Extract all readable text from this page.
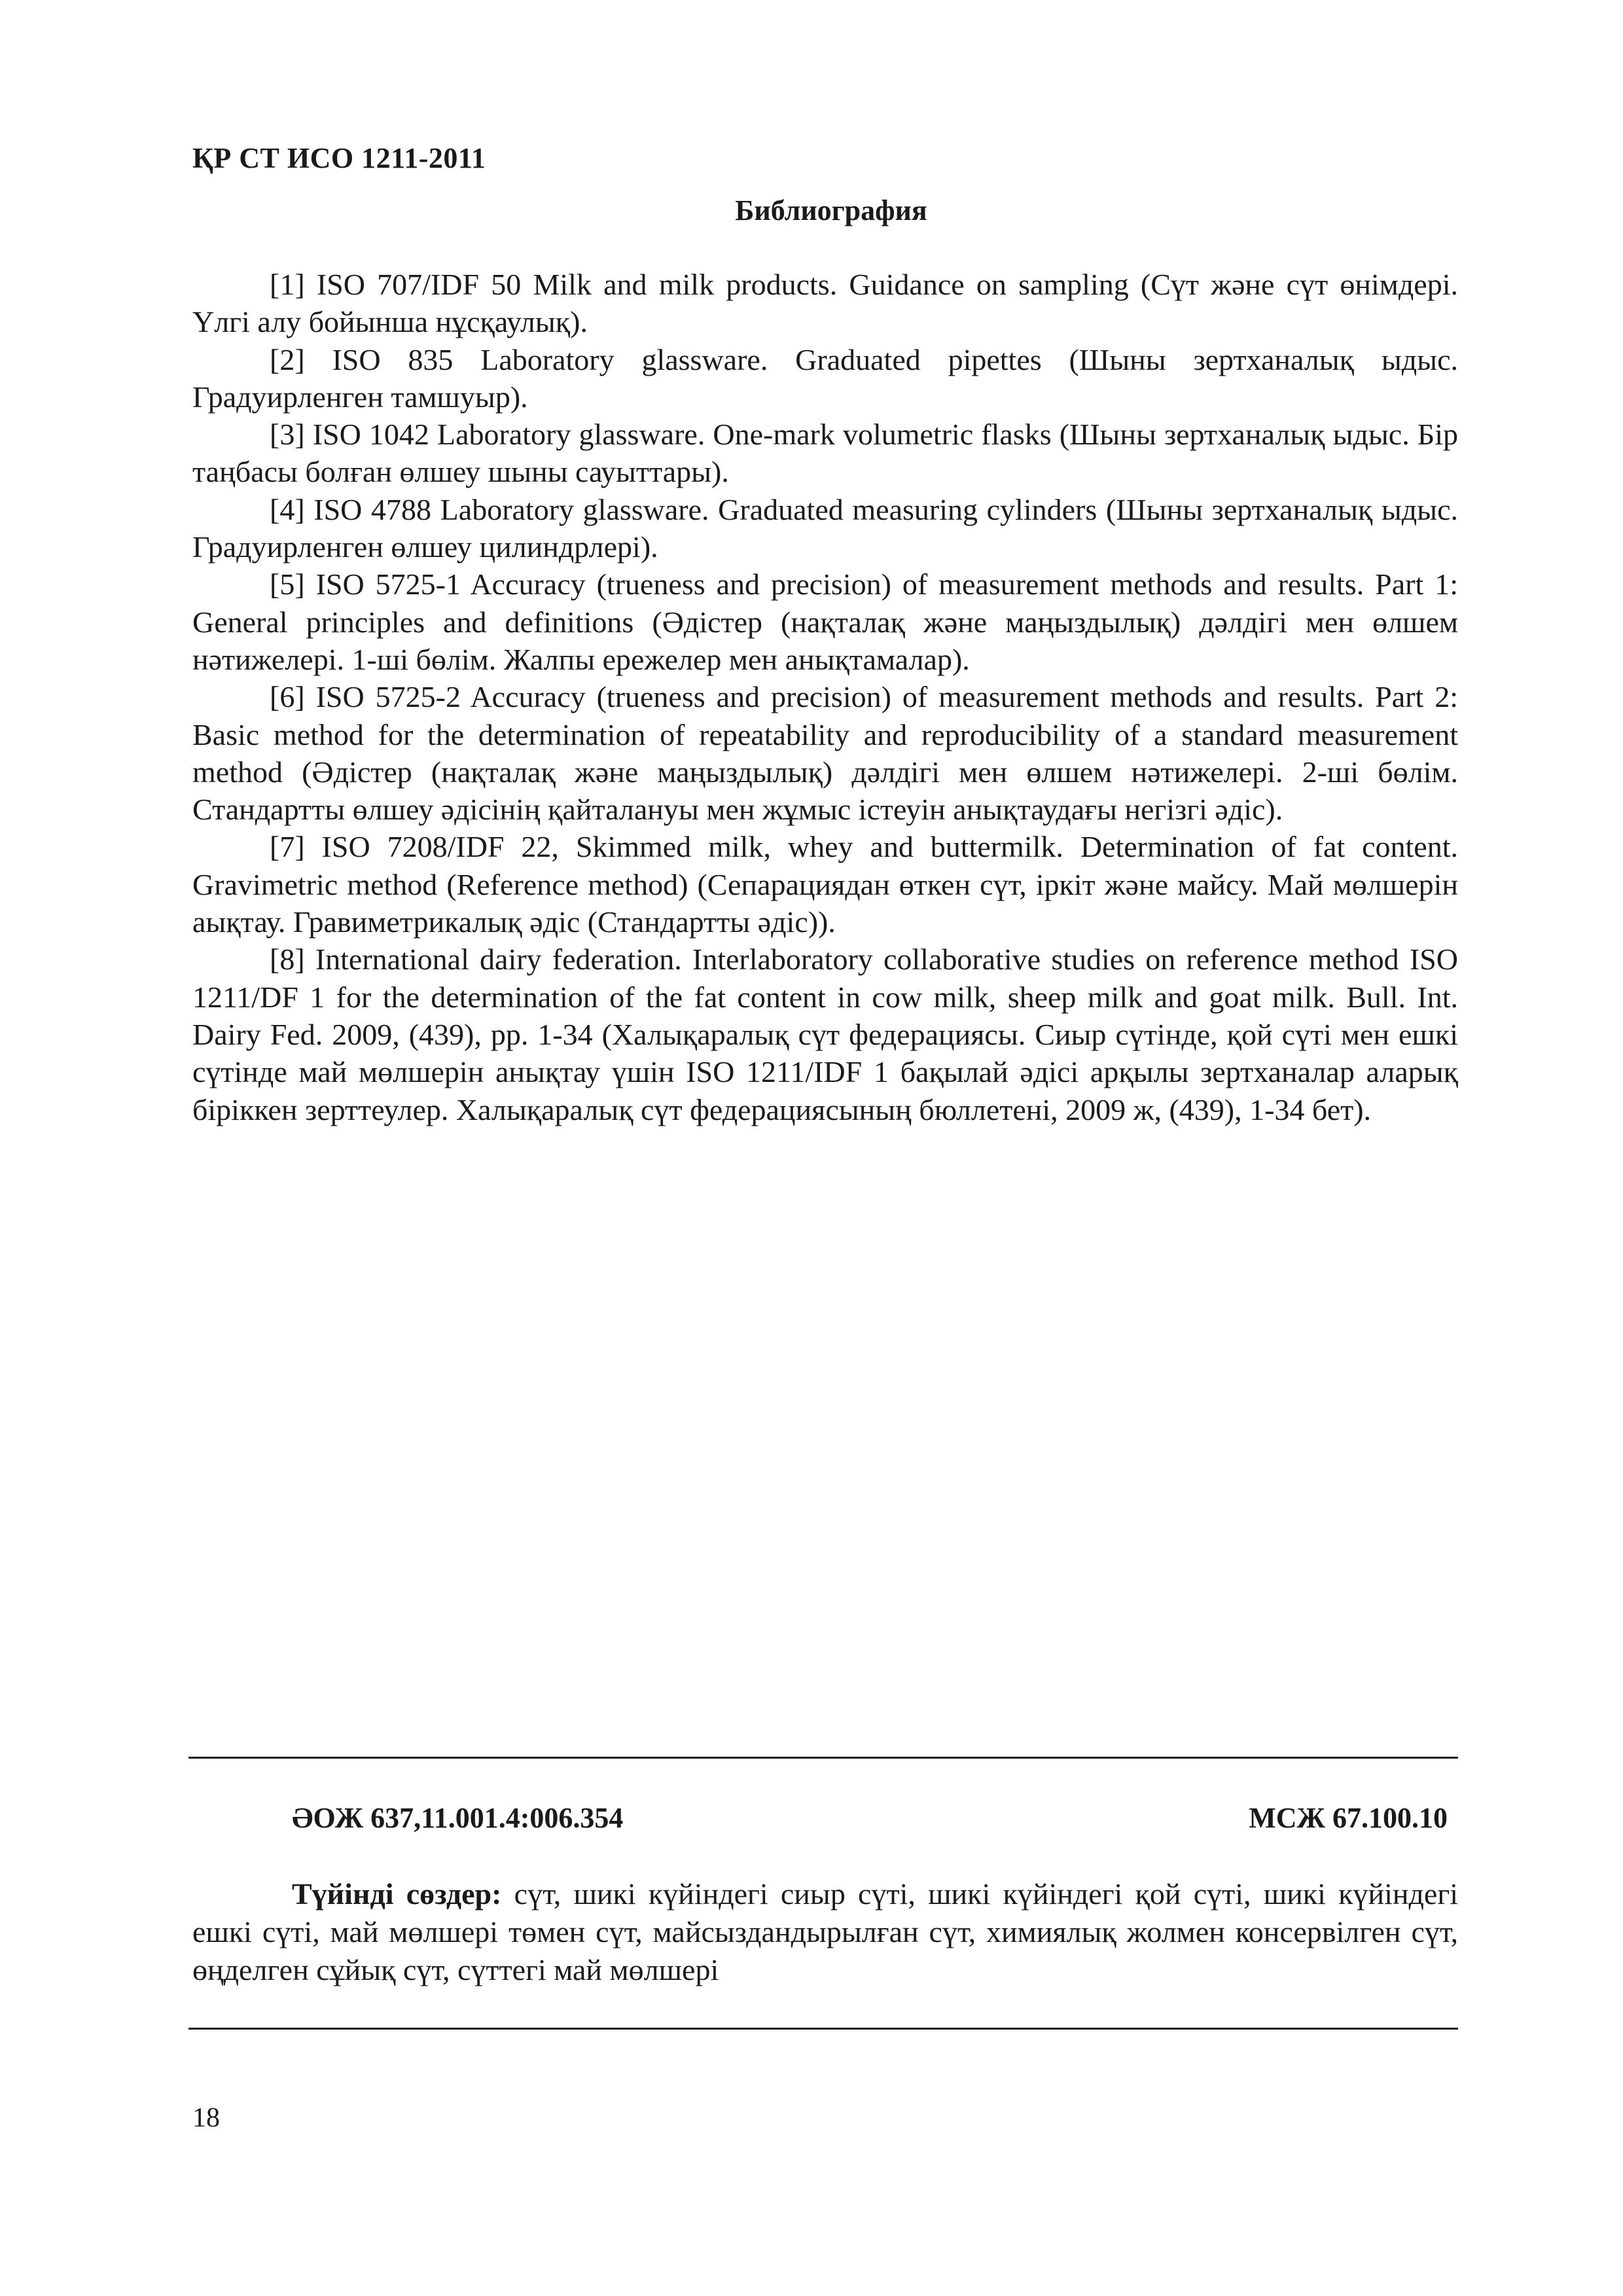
ҚР СТ ИСО 1211-2011
Библиография

[1] ISO 707/IDF 50 Milk and milk products. Guidance on sampling (Сүт және сүт өнімдері. Үлгі алу бойынша нұсқаулық).

[2] ISO 835 Laboratory glassware. Graduated pipettes (Шыны зертханалық ыдыс. Градуирленген тамшуыр).

[3] ISO 1042 Laboratory glassware. One-mark volumetric flasks (Шыны зертханалық ыдыс. Бір таңбасы болған өлшеу шыны сауыттары).

[4] ISO 4788 Laboratory glassware. Graduated measuring cylinders (Шыны зертханалық ыдыс. Градуирленген өлшеу цилиндрлері).

[5] ISO 5725-1 Accuracy (trueness and precision) of measurement methods and results. Part 1: General principles and definitions (Әдістер (нақталақ және маңыздылық) дәлдігі мен өлшем нәтижелері. 1-ші бөлім. Жалпы ережелер мен анықтамалар).

[6] ISO 5725-2 Accuracy (trueness and precision) of measurement methods and results. Part 2: Basic method for the determination of repeatability and reproducibility of a standard measurement method (Әдістер (нақталақ және маңыздылық) дәлдігі мен өлшем нәтижелері. 2-ші бөлім. Стандартты өлшеу әдісінің қайталануы мен жұмыс істеуін анықтаудағы негізгі әдіс).

[7] ISO 7208/IDF 22, Skimmed milk, whey and buttermilk. Determination of fat content. Gravimetric method (Reference method) (Сепарациядан өткен сүт, іркіт және майсу. Май мөлшерін аықтау. Гравиметрикалық әдіс (Стандартты әдіс)).

[8] International dairy federation. Interlaboratory collaborative studies on reference method ISO 1211/DF 1 for the determination of the fat content in cow milk, sheep milk and goat milk. Bull. Int. Dairy Fed. 2009, (439), pp. 1-34 (Халықаралық сүт федерациясы. Сиыр сүтінде, қой сүті мен ешкі сүтінде май мөлшерін анықтау үшін ISO 1211/IDF 1 бақылай әдісі арқылы зертханалар аларық біріккен зерттеулер. Халықаралық сүт федерациясының бюллетені, 2009 ж, (439), 1-34 бет).

ӘОЖ 637,11.001.4:006.354	МСЖ 67.100.10

Түйінді сөздер: сүт, шикі күйіндегі сиыр сүті, шикі күйіндегі қой сүті, шикі күйіндегі ешкі сүті, май мөлшері төмен сүт, майсыздандырылған сүт, химиялық жолмен консервілген сүт, өңделген сұйық сүт, сүттегі май мөлшері

18
